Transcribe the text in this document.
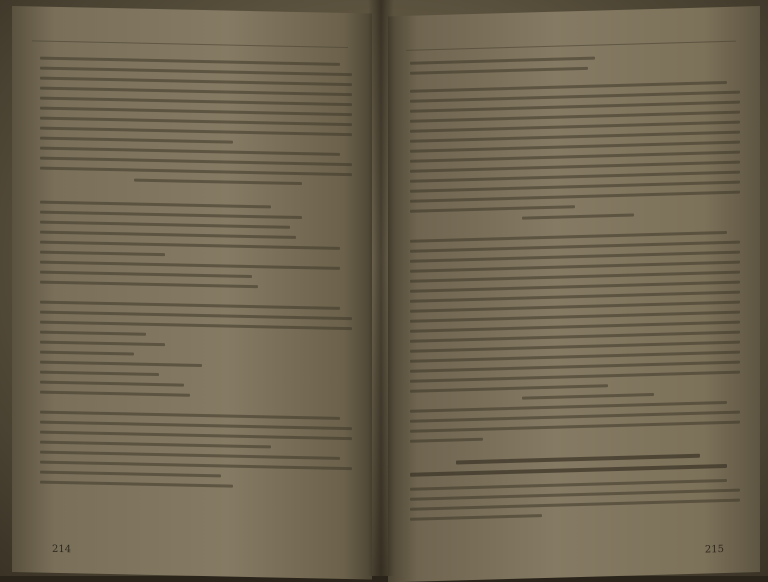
214	215
